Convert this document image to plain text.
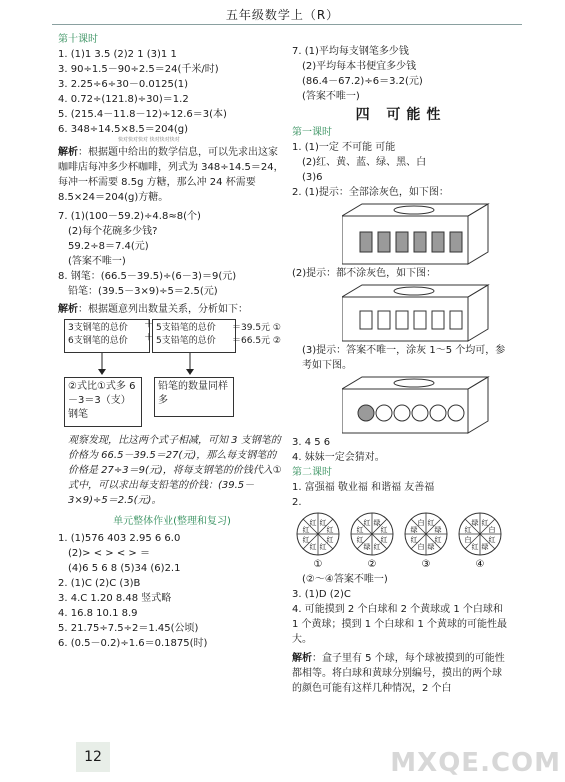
五年级数学上（R）
第十课时
1. (1)1 3.5 (2)2 1 (3)1 1
3. 90÷1.5－90÷2.5＝24(千米/时)
3. 2.25÷6÷30－0.0125(1)
4. 0.72÷(121.8)÷30)＝1.2
5. (215.4－11.8－12)÷12.6＝3(本)
6. 348÷14.5×8.5＝204(g)
快对快对快对 快对快对快对
解析：根据题中给出的数学信息，可以先求出这家咖啡店每冲多少杯咖啡，列式为 348÷14.5＝24，每冲一杯需要 8.5g 方糖，那么冲 24 杯需要 8.5×24＝204(g)方糖。
7. (1)(100－59.2)÷4.8≈8(个)
(2)每个花碗多少钱?
59.2÷8＝7.4(元)
(答案不唯一)
8. 钢笔：(66.5－39.5)÷(6－3)＝9(元)
铅笔：(39.5－3×9)÷5＝2.5(元)
解析：根据题意列出数量关系，分析如下：
3支钢笔的总价
6支钢笔的总价
＋
＋
5支铅笔的总价
5支铅笔的总价
＝39.5元 ①
＝66.5元 ②
②式比①式多 6－3＝3（支）钢笔
铅笔的数量同样多
观察发现，比这两个式子相减，可知 3 支钢笔的价格为 66.5－39.5＝27(元)，那么每支钢笔的价格是 27÷3＝9(元)，将每支钢笔的价钱代入①式中，可以求出每支铅笔的价钱：(39.5－3×9)÷5＝2.5(元)。
单元整体作业(整理和复习)
1. (1)576 403 2.95 6 6.0
(2)> < > < > ＝
(4)6 5 6 8 (5)34 (6)2.1
2. (1)C (2)C (3)B
3. 4.C 1.20 8.48 竖式略
4. 16.8 10.1 8.9
5. 21.75÷7.5÷2＝1.45(公顷)
6. (0.5－0.2)÷1.6＝0.1875(时)
7. (1)平均每支钢笔多少钱
(2)平均每本书便宜多少钱
(86.4－67.2)÷6＝3.2(元)
(答案不唯一)
四 可能性
第一课时
1. (1)一定 不可能 可能
(2)红、黄、蓝、绿、黑、白
(3)6
2. (1)提示：全部涂灰色，如下图：
(2)提示：都不涂灰色，如下图：
(3)提示：答案不唯一，涂灰 1～5 个均可，参考如下图。
3. 4 5 6
4. 妹妹一定会猜对。
第二课时
1. 富强福 敬业福 和谐福 友善福
2.
红
红
红
红
红
红 红
红
①
红
红
绿
红
红
红 绿
红
②
红
绿
白
红
绿
白 红
绿
③
红
绿
红
白
红
绿 红
白
④
(②～④答案不唯一)
3. (1)D (2)C
4. 可能摸到 2 个白球和 2 个黄球或 1 个白球和 1 个黄球；摸到 1 个白球和 1 个黄球的可能性最大。
解析：盒子里有 5 个球，每个球被摸到的可能性都相等。将白球和黄球分别编号，摸出的两个球的颜色可能有这样几种情况，2 个白
12	MXQE.COM
